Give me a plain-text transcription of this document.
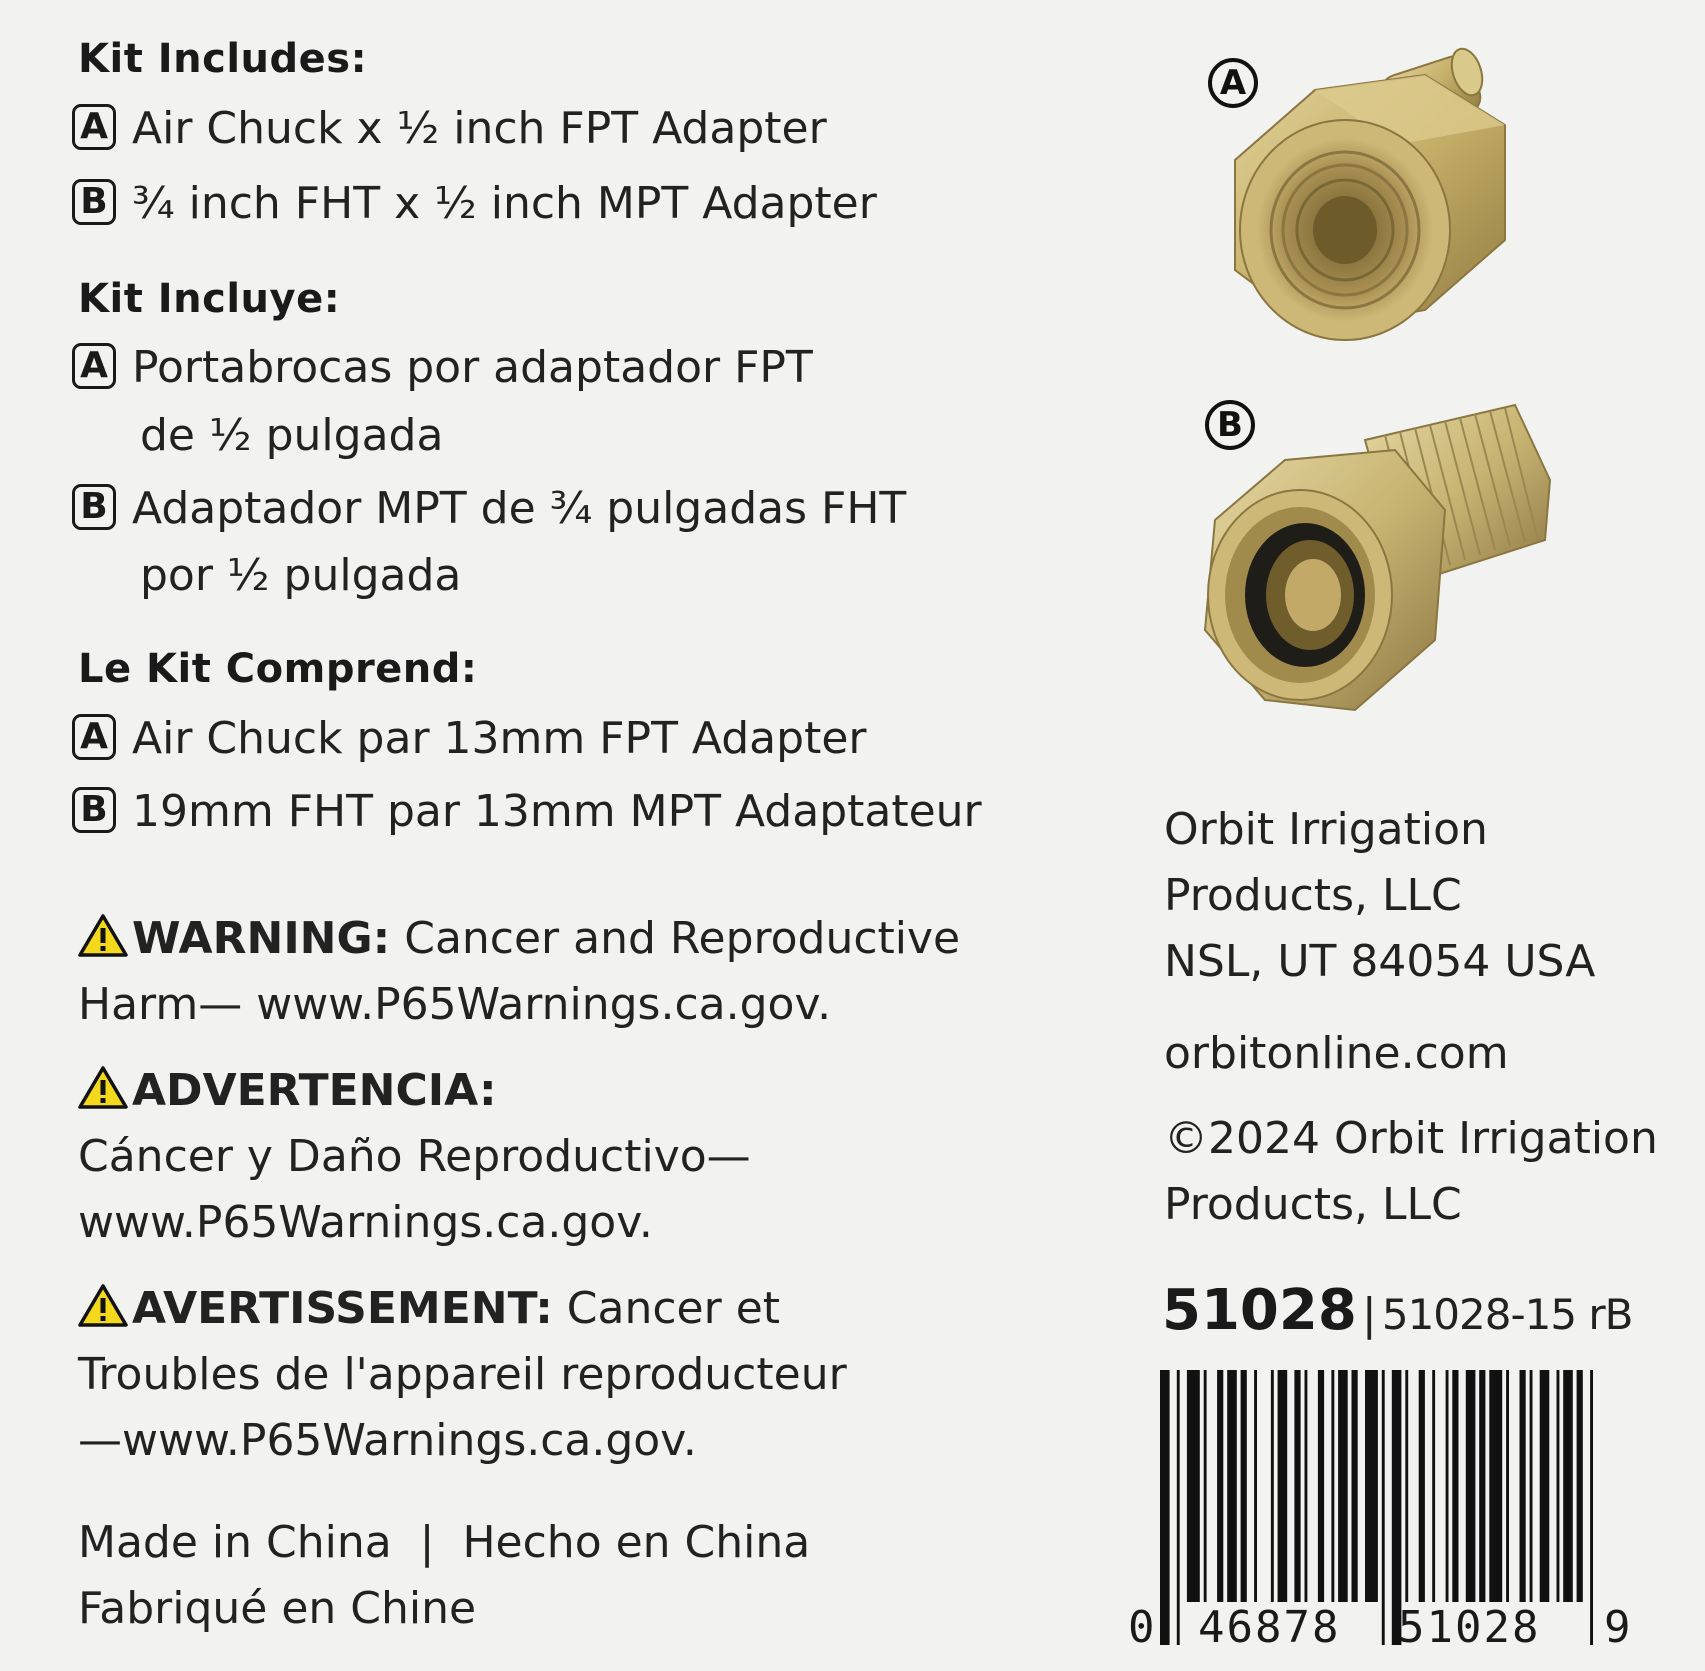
Kit Includes:
A Air Chuck x ½ inch FPT Adapter
B ¾ inch FHT x ½ inch MPT Adapter
Kit Incluye:
A Portabrocas por adaptador FPT
de ½ pulgada
B Adaptador MPT de ¾ pulgadas FHT
por ½ pulgada
Le Kit Comprend:
A Air Chuck par 13mm FPT Adapter
B 19mm FHT par 13mm MPT Adaptateur
WARNING: Cancer and Reproductive
Harm— www.P65Warnings.ca.gov.
ADVERTENCIA:
Cáncer y Daño Reproductivo—
www.P65Warnings.ca.gov.
AVERTISSEMENT: Cancer et
Troubles de l'appareil reproducteur
—www.P65Warnings.ca.gov.
Made in China  |  Hecho en China
Fabriqué en Chine
A
B
Orbit Irrigation
Products, LLC
NSL, UT 84054 USA
orbitonline.com
©2024 Orbit Irrigation
Products, LLC
51028 | 51028-15 rB
0 46878 51028 9
